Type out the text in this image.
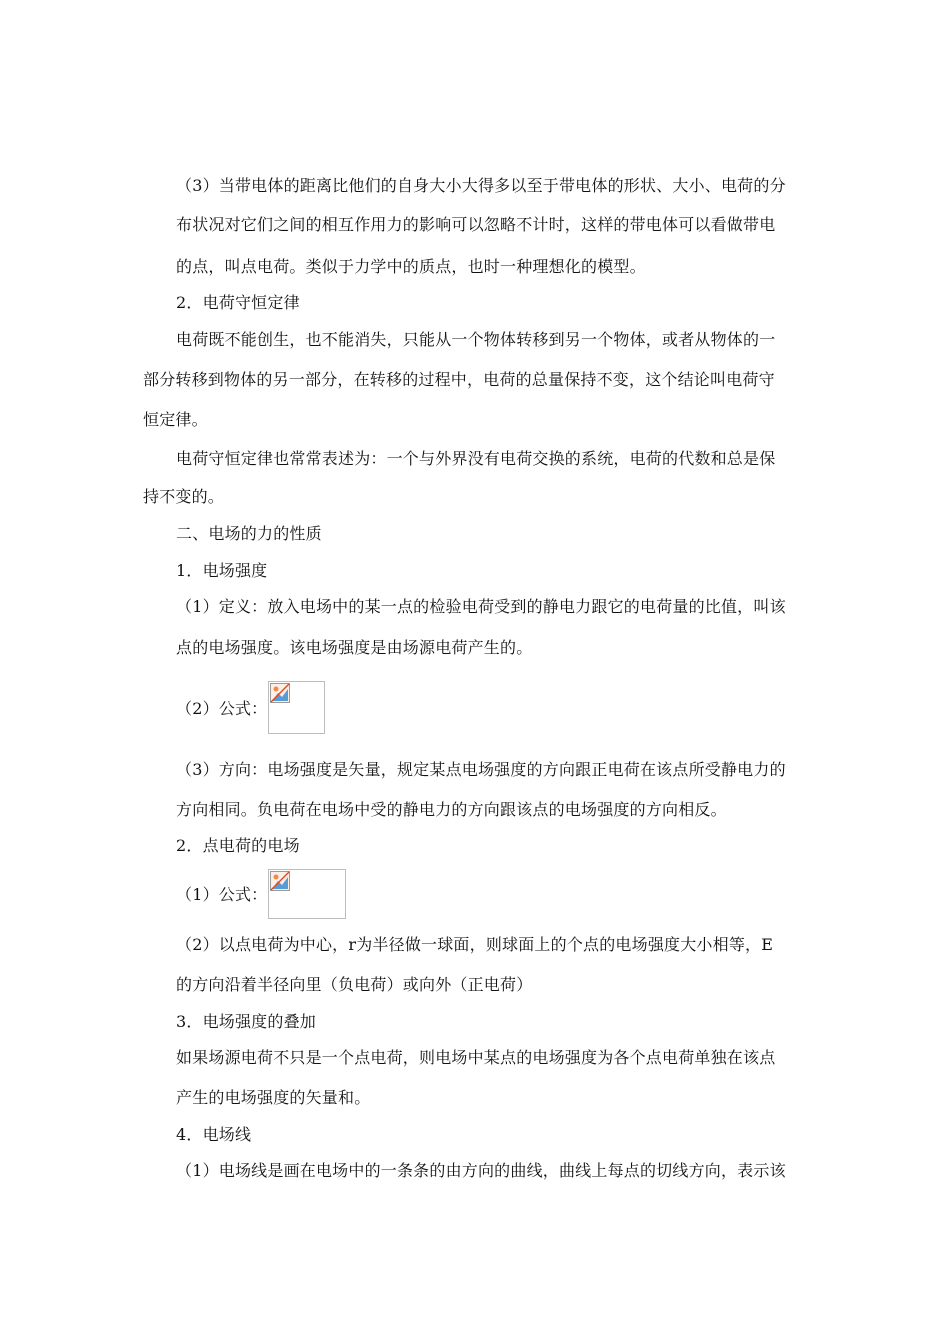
（3）当带电体的距离比他们的自身大小大得多以至于带电体的形状、大小、电荷的分
布状况对它们之间的相互作用力的影响可以忽略不计时，这样的带电体可以看做带电
的点，叫点电荷。类似于力学中的质点，也时一种理想化的模型。
2．电荷守恒定律
电荷既不能创生，也不能消失，只能从一个物体转移到另一个物体，或者从物体的一
部分转移到物体的另一部分，在转移的过程中，电荷的总量保持不变，这个结论叫电荷守
恒定律。
电荷守恒定律也常常表述为：一个与外界没有电荷交换的系统，电荷的代数和总是保
持不变的。
二、电场的力的性质
1．电场强度
（1）定义：放入电场中的某一点的检验电荷受到的静电力跟它的电荷量的比值，叫该
点的电场强度。该电场强度是由场源电荷产生的。
（2）公式：
（3）方向：电场强度是矢量，规定某点电场强度的方向跟正电荷在该点所受静电力的
方向相同。负电荷在电场中受的静电力的方向跟该点的电场强度的方向相反。
2．点电荷的电场
（1）公式：
（2）以点电荷为中心，r为半径做一球面，则球面上的个点的电场强度大小相等，E
的方向沿着半径向里（负电荷）或向外（正电荷）
3．电场强度的叠加
如果场源电荷不只是一个点电荷，则电场中某点的电场强度为各个点电荷单独在该点
产生的电场强度的矢量和。
4．电场线
（1）电场线是画在电场中的一条条的由方向的曲线，曲线上每点的切线方向，表示该
